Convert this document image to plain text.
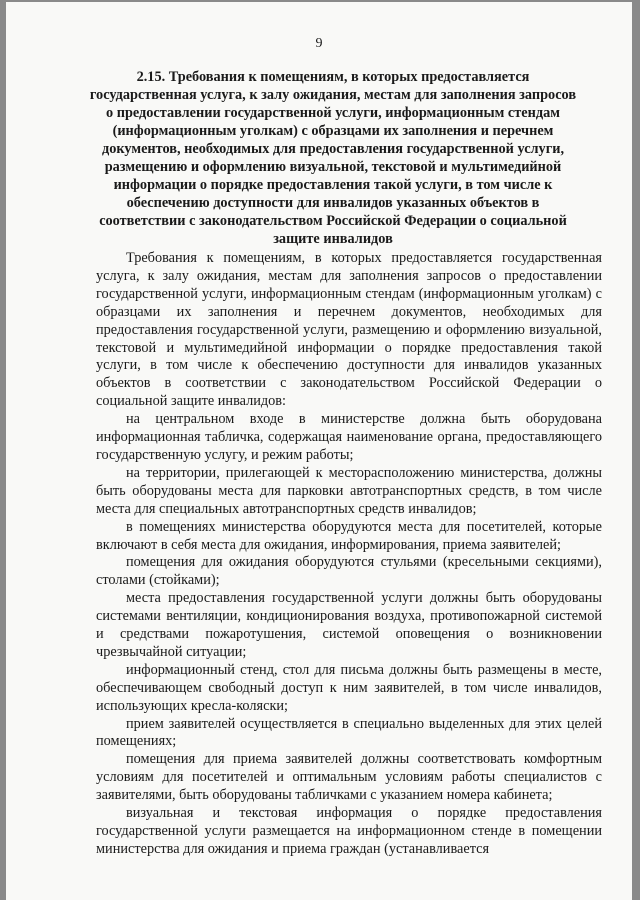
9
2.15. Требования к помещениям, в которых предоставляется государственная услуга, к залу ожидания, местам для заполнения запросов о предоставлении государственной услуги, информационным стендам (информационным уголкам) с образцами их заполнения и перечнем документов, необходимых для предоставления государственной услуги, размещению и оформлению визуальной, текстовой и мультимедийной информации о порядке предоставления такой услуги, в том числе к обеспечению доступности для инвалидов указанных объектов в соответствии с законодательством Российской Федерации о социальной защите инвалидов

Требования к помещениям, в которых предоставляется государственная услуга, к залу ожидания, местам для заполнения запросов о предоставлении государственной услуги, информационным стендам (информационным уголкам) с образцами их заполнения и перечнем документов, необходимых для предоставления государственной услуги, размещению и оформлению визуальной, текстовой и мультимедийной информации о порядке предоставления такой услуги, в том числе к обеспечению доступности для инвалидов указанных объектов в соответствии с законодательством Российской Федерации о социальной защите инвалидов:

на центральном входе в министерстве должна быть оборудована информационная табличка, содержащая наименование органа, предоставляющего государственную услугу, и режим работы;

на территории, прилегающей к месторасположению министерства, должны быть оборудованы места для парковки автотранспортных средств, в том числе места для специальных автотранспортных средств инвалидов;

в помещениях министерства оборудуются места для посетителей, которые включают в себя места для ожидания, информирования, приема заявителей;

помещения для ожидания оборудуются стульями (кресельными секциями), столами (стойками);

места предоставления государственной услуги должны быть оборудованы системами вентиляции, кондиционирования воздуха, противопожарной системой и средствами пожаротушения, системой оповещения о возникновении чрезвычайной ситуации;

информационный стенд, стол для письма должны быть размещены в месте, обеспечивающем свободный доступ к ним заявителей, в том числе инвалидов, использующих кресла-коляски;

прием заявителей осуществляется в специально выделенных для этих целей помещениях;

помещения для приема заявителей должны соответствовать комфортным условиям для посетителей и оптимальным условиям работы специалистов с заявителями, быть оборудованы табличками с указанием номера кабинета;

визуальная и текстовая информация о порядке предоставления государственной услуги размещается на информационном стенде в помещении министерства для ожидания и приема граждан (устанавливается
